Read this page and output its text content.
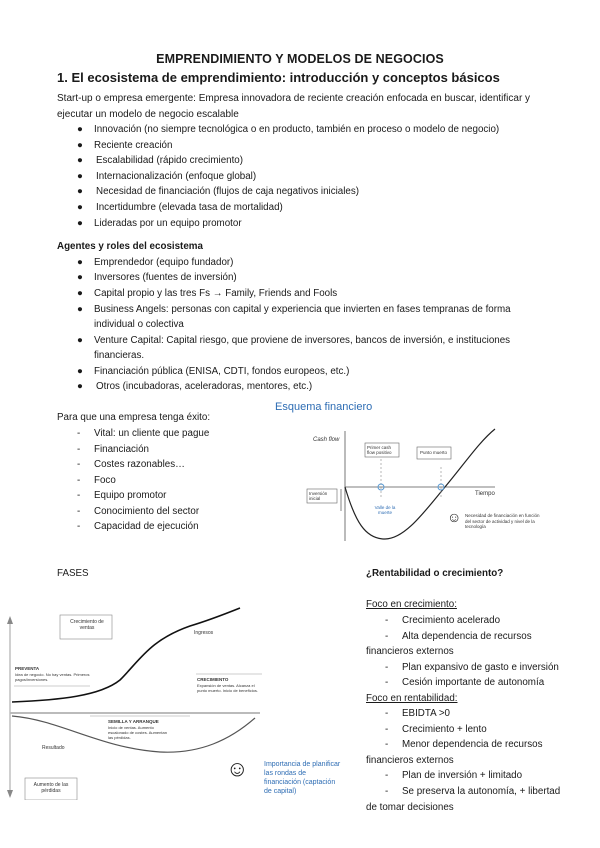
EMPRENDIMIENTO Y MODELOS DE NEGOCIOS
1. El ecosistema de emprendimiento: introducción y conceptos básicos
Start-up o empresa emergente: Empresa innovadora de reciente creación enfocada en buscar, identificar y
ejecutar un modelo de negocio escalable
● Innovación (no siempre tecnológica o en producto, también en proceso o modelo de negocio)
● Reciente creación
● Escalabilidad (rápido crecimiento)
● Internacionalización (enfoque global)
● Necesidad de financiación (flujos de caja negativos iniciales)
● Incertidumbre (elevada tasa de mortalidad)
● Lideradas por un equipo promotor
Agentes y roles del ecosistema
● Emprendedor (equipo fundador)
● Inversores (fuentes de inversión)
● Capital propio y las tres Fs → Family, Friends and Fools
● Business Angels: personas con capital y experiencia que invierten en fases tempranas de forma
individual o colectiva
● Venture Capital: Capital riesgo, que proviene de inversores, bancos de inversión, e instituciones
financieras.
● Financiación pública (ENISA, CDTI, fondos europeos, etc.)
● Otros (incubadoras, aceleradoras, mentores, etc.)
Para que una empresa tenga éxito:
- Vital: un cliente que pague
- Financiación
- Costes razonables…
- Foco
- Equipo promotor
- Conocimiento del sector
- Capacidad de ejecución
Esquema financiero
Cash flow
Primer cash flow positivo	Punto muerto
Inversión inicial
Tiempo
Valle de la muerte	☺ Necesidad de financiación en función del sector de actividad y nivel de la tecnología
FASES
Crecimiento de ventas
Ingresos
PREVENTA
Idea de negocio. No hay ventas. Primeros pagos/inversiones.	CRECIMIENTO
Expansión de ventas. Alcanza el punto muerto. Inicio de beneficios.
SEMILLA Y ARRANQUE
Inicio de ventas. Aumento escalonado de costes. Aumentan las pérdidas.
Resultado
Aumento de las pérdidas
☺ Importancia de planificar las rondas de financiación (captación de capital)
¿Rentabilidad o crecimiento?
Foco en crecimiento:
- Crecimiento acelerado
- Alta dependencia de recursos
financieros externos
- Plan expansivo de gasto e inversión
- Cesión importante de autonomía
Foco en rentabilidad:
- EBIDTA >0
- Crecimiento + lento
- Menor dependencia de recursos
financieros externos
- Plan de inversión + limitado
- Se preserva la autonomía, + libertad
de tomar decisiones
